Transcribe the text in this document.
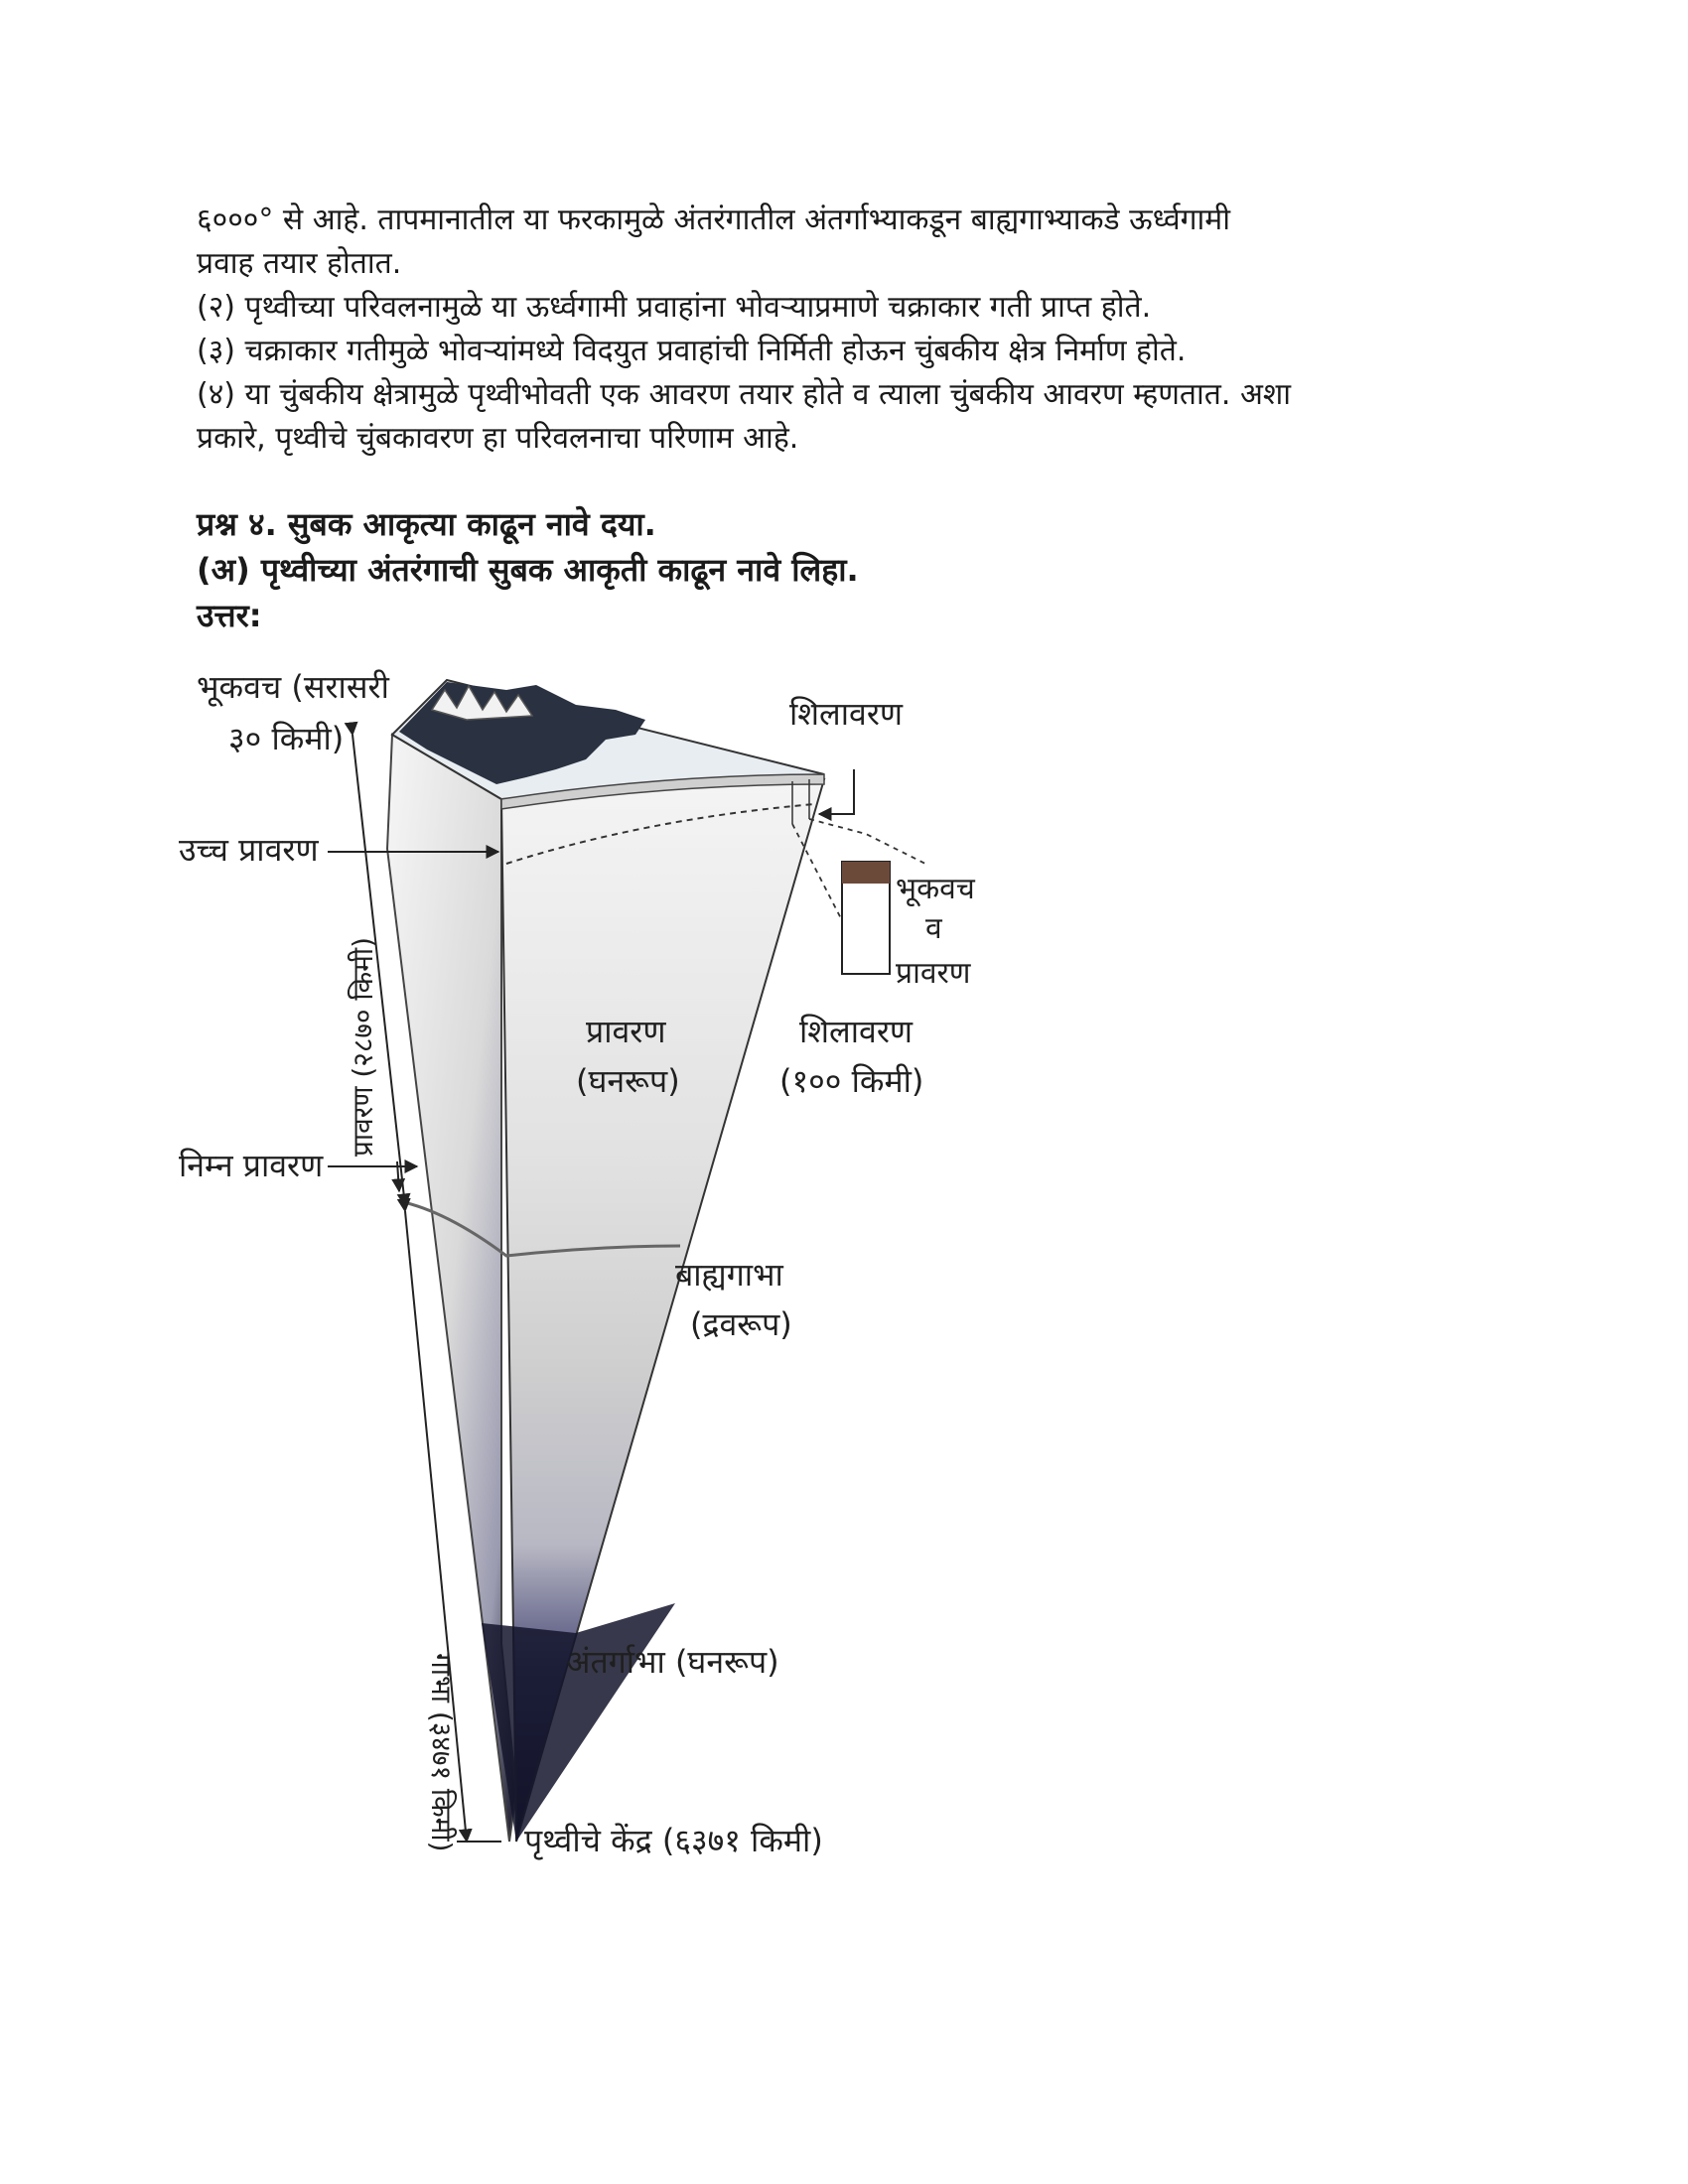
६०००° से आहे. तापमानातील या फरकामुळे अंतरंगातील अंतर्गाभ्याकडून बाह्यगाभ्याकडे ऊर्ध्वगामी

प्रवाह तयार होतात.

(२) पृथ्वीच्या परिवलनामुळे या ऊर्ध्वगामी प्रवाहांना भोवऱ्याप्रमाणे चक्राकार गती प्राप्त होते.

(३) चक्राकार गतीमुळे भोवऱ्यांमध्ये विदयुत प्रवाहांची निर्मिती होऊन चुंबकीय क्षेत्र निर्माण होते.

(४) या चुंबकीय क्षेत्रामुळे पृथ्वीभोवती एक आवरण तयार होते व त्याला चुंबकीय आवरण म्हणतात. अशा

प्रकारे, पृथ्वीचे चुंबकावरण हा परिवलनाचा परिणाम आहे.

प्रश्न ४. सुबक आकृत्या काढून नावे दया.

(अ) पृथ्वीच्या अंतरंगाची सुबक आकृती काढून नावे लिहा.

उत्तर:

भूकवच (सरासरी
३० किमी)
शिलावरण
उच्च प्रावरण
भूकवच
व
प्रावरण
प्रावरण
(घनरूप)
शिलावरण
(१०० किमी)
निम्न प्रावरण
प्रावरण (२८७० किमी)
बाह्यगाभा
(द्रवरूप)
गाभा (३४७१ किमी)	अंतर्गाभा (घनरूप)
पृथ्वीचे केंद्र (६३७१ किमी)
